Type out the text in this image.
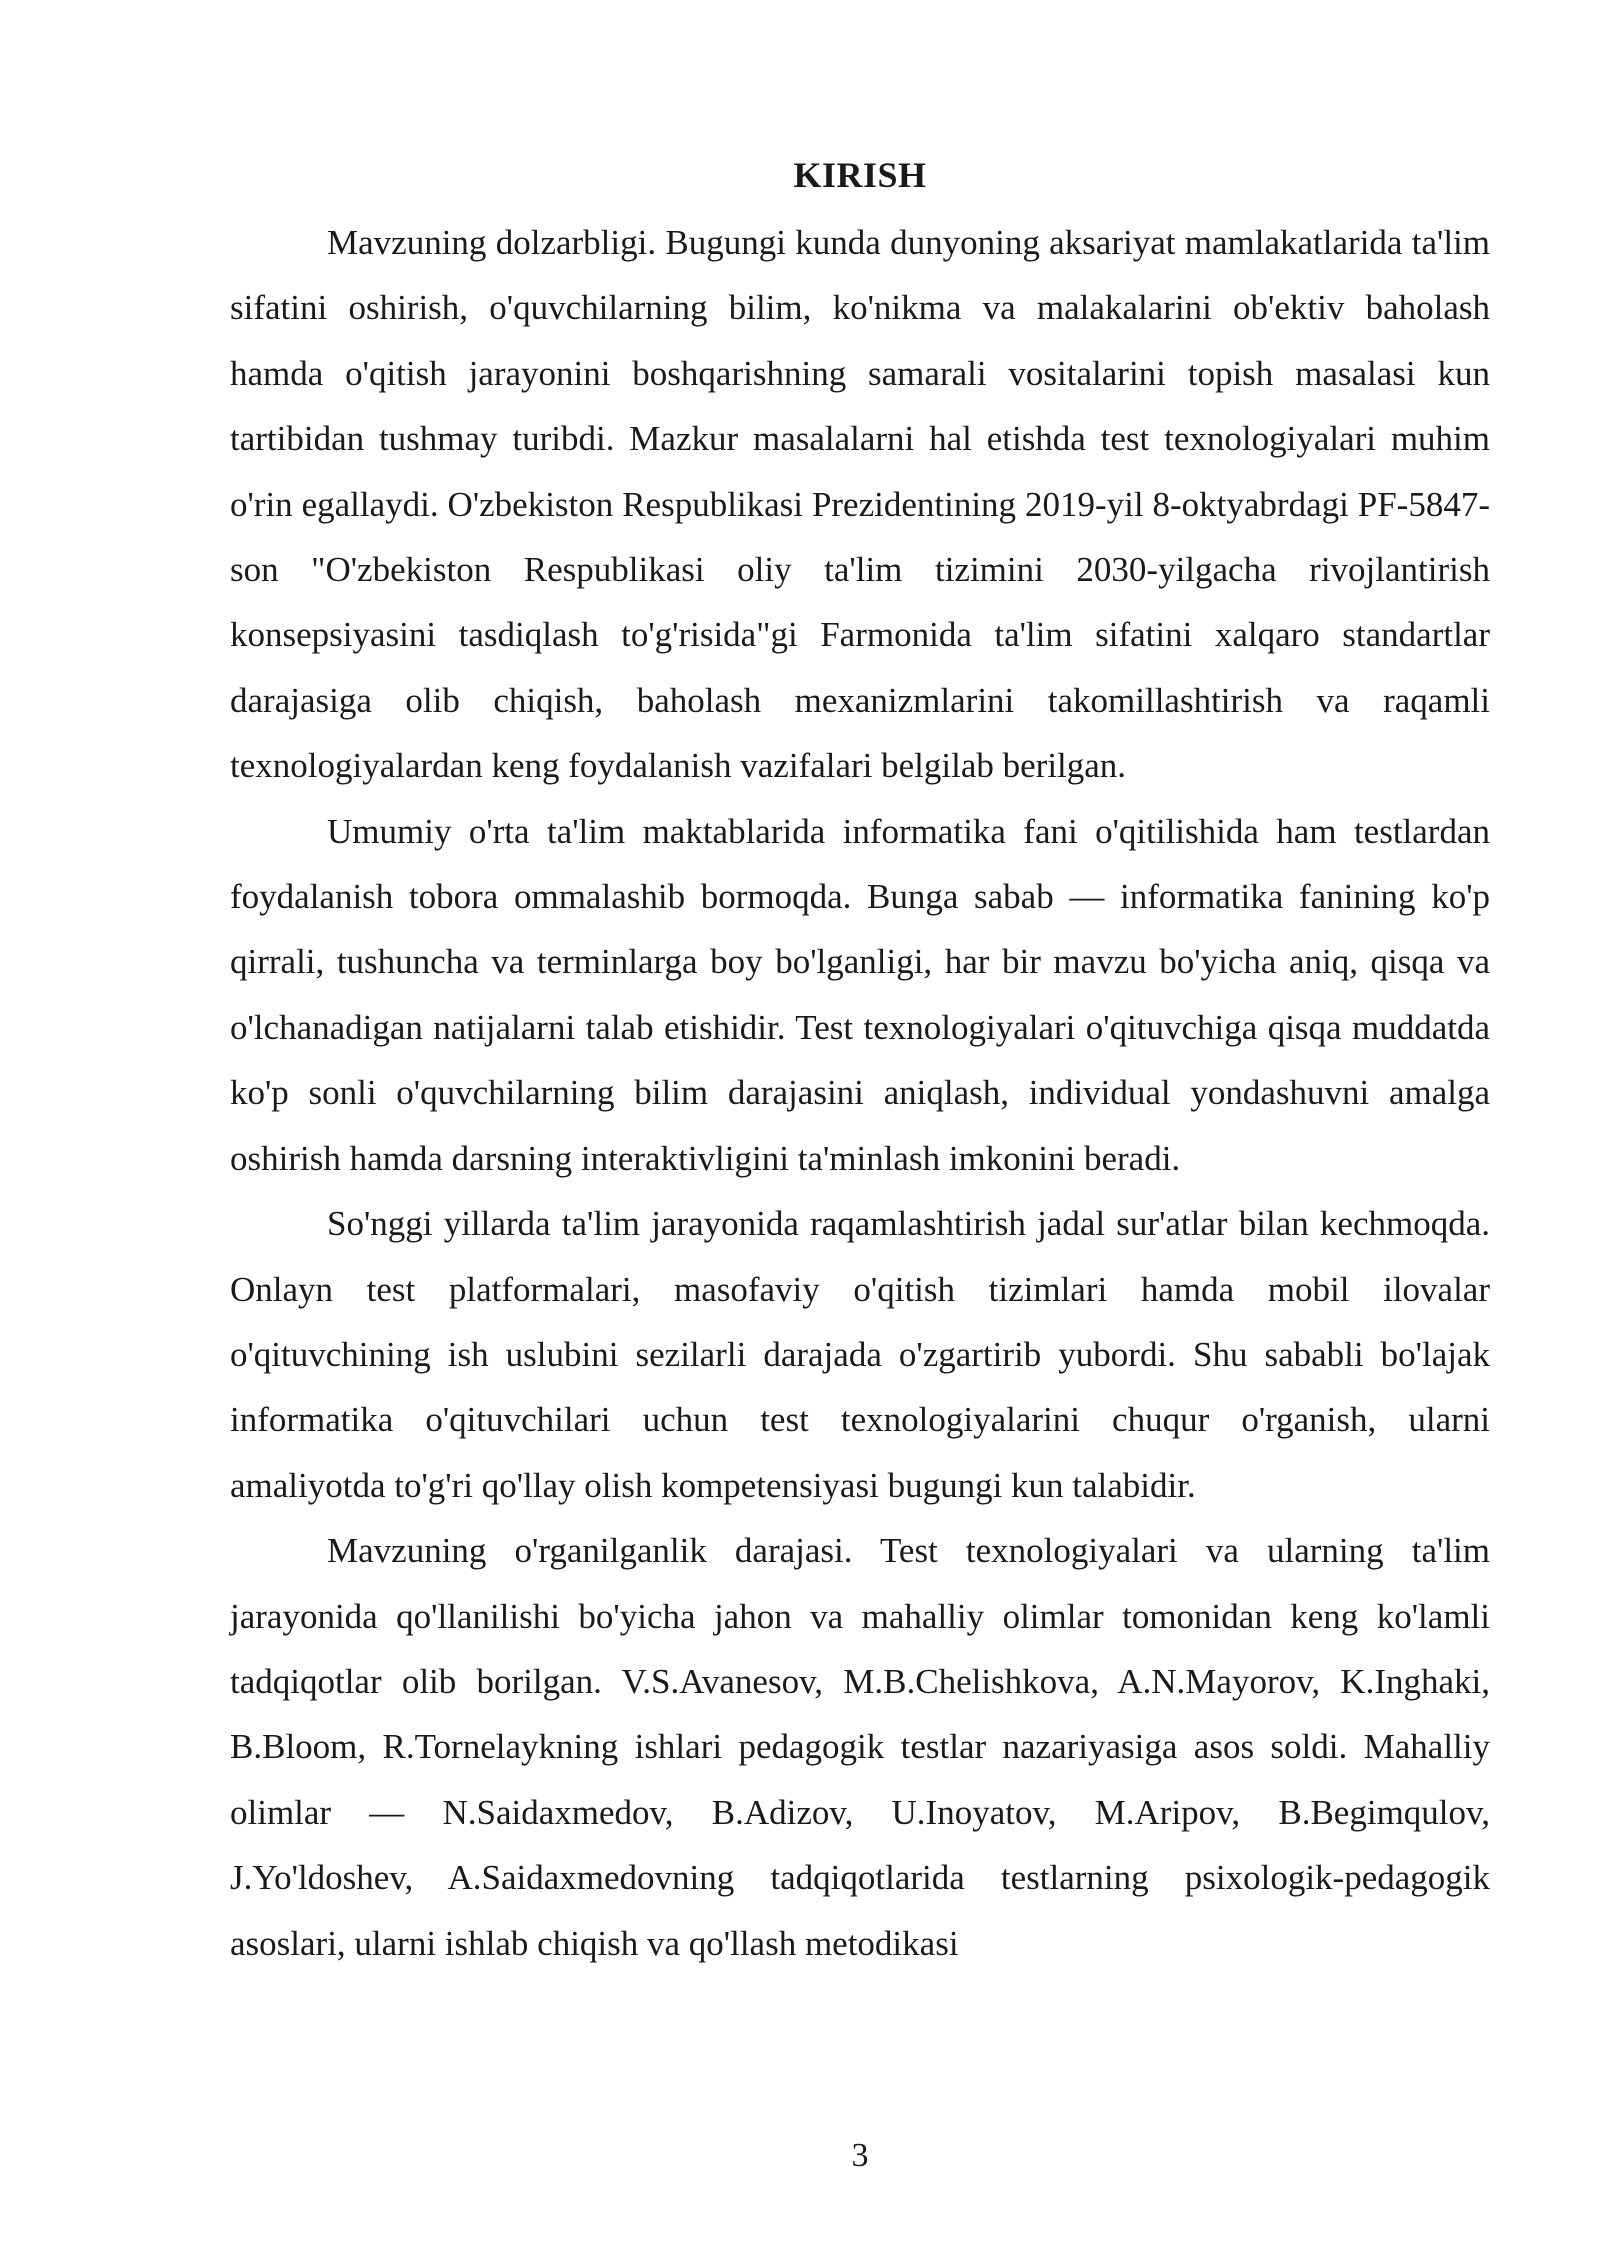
KIRISH

Mavzuning dolzarbligi. Bugungi kunda dunyoning aksariyat mamlakatlarida ta'lim sifatini oshirish, o'quvchilarning bilim, ko'nikma va malakalarini ob'ektiv baholash hamda o'qitish jarayonini boshqarishning samarali vositalarini topish masalasi kun tartibidan tushmay turibdi. Mazkur masalalarni hal etishda test texnologiyalari muhim o'rin egallaydi. O'zbekiston Respublikasi Prezidentining 2019-yil 8-oktyabrdagi PF-5847-son "O'zbekiston Respublikasi oliy ta'lim tizimini 2030-yilgacha rivojlantirish konsepsiyasini tasdiqlash to'g'risida"gi Farmonida ta'lim sifatini xalqaro standartlar darajasiga olib chiqish, baholash mexanizmlarini takomillashtirish va raqamli texnologiyalardan keng foydalanish vazifalari belgilab berilgan.

Umumiy o'rta ta'lim maktablarida informatika fani o'qitilishida ham testlardan foydalanish tobora ommalashib bormoqda. Bunga sabab — informatika fanining ko'p qirrali, tushuncha va terminlarga boy bo'lganligi, har bir mavzu bo'yicha aniq, qisqa va o'lchanadigan natijalarni talab etishidir. Test texnologiyalari o'qituvchiga qisqa muddatda ko'p sonli o'quvchilarning bilim darajasini aniqlash, individual yondashuvni amalga oshirish hamda darsning interaktivligini ta'minlash imkonini beradi.

So'nggi yillarda ta'lim jarayonida raqamlashtirish jadal sur'atlar bilan kechmoqda. Onlayn test platformalari, masofaviy o'qitish tizimlari hamda mobil ilovalar o'qituvchining ish uslubini sezilarli darajada o'zgartirib yubordi. Shu sababli bo'lajak informatika o'qituvchilari uchun test texnologiyalarini chuqur o'rganish, ularni amaliyotda to'g'ri qo'llay olish kompetensiyasi bugungi kun talabidir.

Mavzuning o'rganilganlik darajasi. Test texnologiyalari va ularning ta'lim jarayonida qo'llanilishi bo'yicha jahon va mahalliy olimlar tomonidan keng ko'lamli tadqiqotlar olib borilgan. V.S.Avanesov, M.B.Chelishkova, A.N.Mayorov, K.Inghaki, B.Bloom, R.Tornelaykning ishlari pedagogik testlar nazariyasiga asos soldi. Mahalliy olimlar — N.Saidaxmedov, B.Adizov, U.Inoyatov, M.Aripov, B.Begimqulov, J.Yo'ldoshev, A.Saidaxmedovning tadqiqotlarida testlarning psixologik-pedagogik asoslari, ularni ishlab chiqish va qo'llash metodikasi

3
